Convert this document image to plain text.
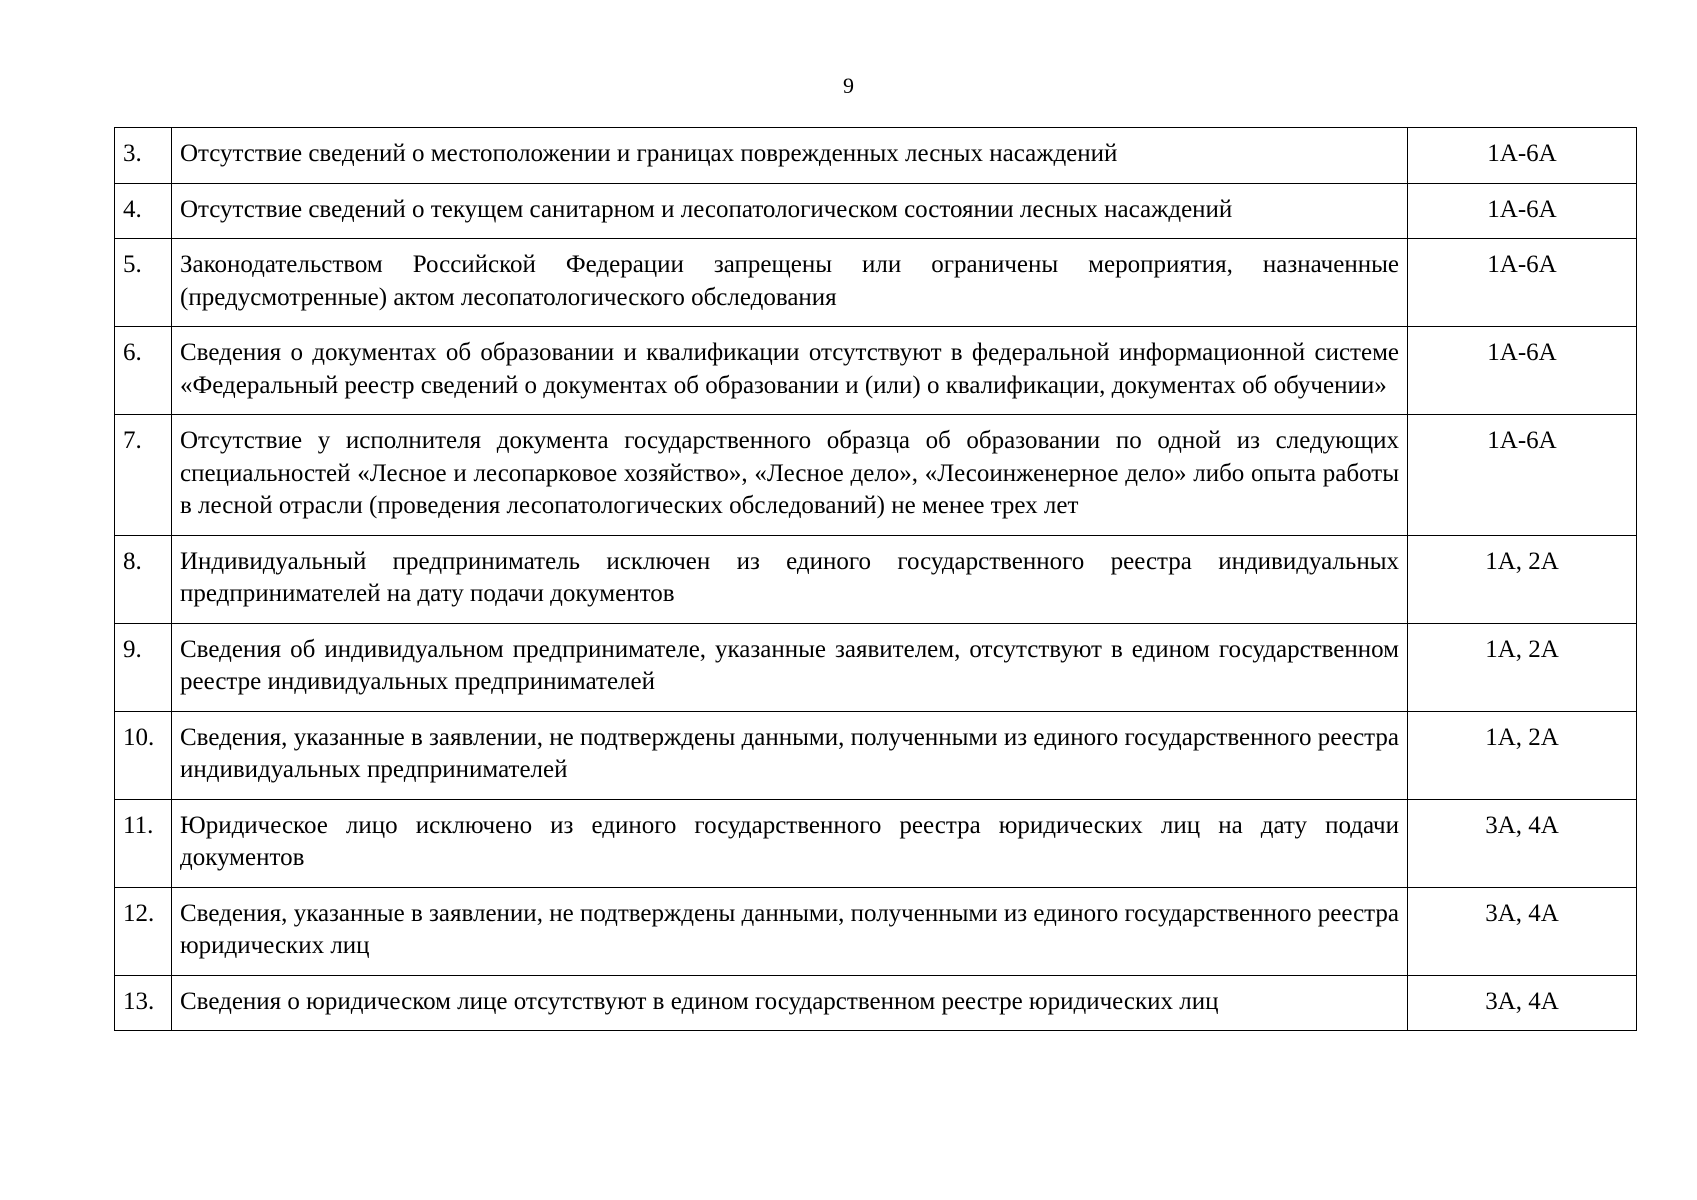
9
3.	Отсутствие сведений о местоположении и границах поврежденных лесных насаждений	1А-6А
4.	Отсутствие сведений о текущем санитарном и лесопатологическом состоянии лесных насаждений	1А-6А
5.	Законодательством Российской Федерации запрещены или ограничены мероприятия, назначенные (предусмотренные) актом лесопатологического обследования	1А-6А
6.	Сведения о документах об образовании и квалификации отсутствуют в федеральной информационной системе «Федеральный реестр сведений о документах об образовании и (или) о квалификации, документах об обучении»	1А-6А
7.	Отсутствие у исполнителя документа государственного образца об образовании по одной из следующих специальностей «Лесное и лесопарковое хозяйство», «Лесное дело», «Лесоинженерное дело» либо опыта работы в лесной отрасли (проведения лесопатологических обследований) не менее трех лет	1А-6А
8.	Индивидуальный предприниматель исключен из единого государственного реестра индивидуальных предпринимателей на дату подачи документов	1А, 2А
9.	Сведения об индивидуальном предпринимателе, указанные заявителем, отсутствуют в едином государственном реестре индивидуальных предпринимателей	1А, 2А
10.	Сведения, указанные в заявлении, не подтверждены данными, полученными из единого государственного реестра индивидуальных предпринимателей	1А, 2А
11.	Юридическое лицо исключено из единого государственного реестра юридических лиц на дату подачи документов	3А, 4А
12.	Сведения, указанные в заявлении, не подтверждены данными, полученными из единого государственного реестра юридических лиц	3А, 4А
13.	Сведения о юридическом лице отсутствуют в едином государственном реестре юридических лиц	3А, 4А
